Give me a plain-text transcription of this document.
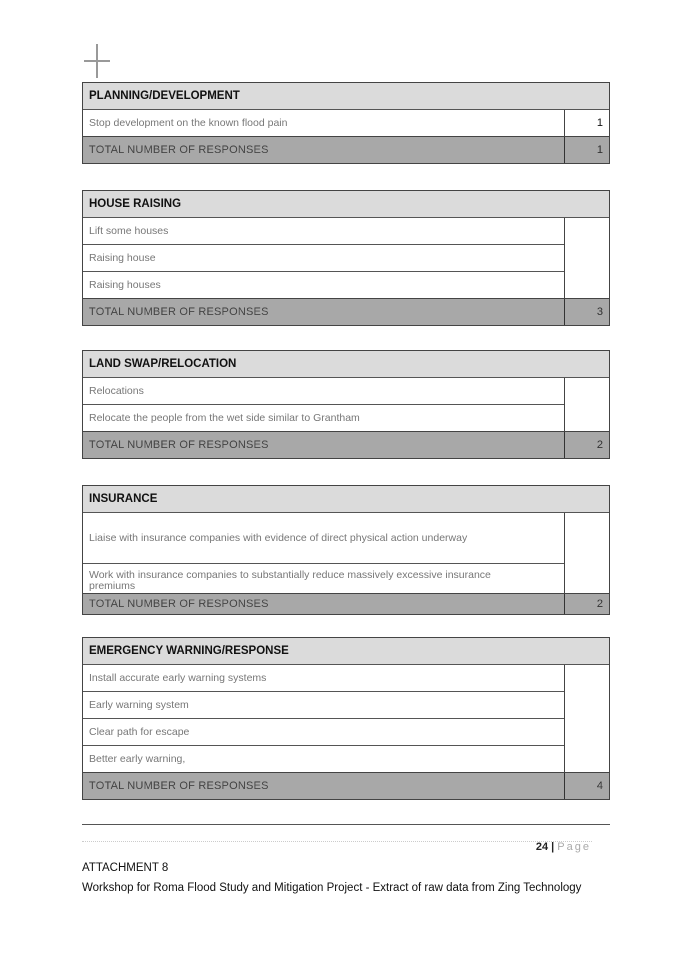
PLANNING/DEVELOPMENT
Stop development on the known flood pain	1
TOTAL NUMBER OF RESPONSES	1
HOUSE RAISING
Lift some houses
Raising house
Raising houses
TOTAL NUMBER OF RESPONSES	3
LAND SWAP/RELOCATION
Relocations
Relocate the people from the wet side similar to Grantham
TOTAL NUMBER OF RESPONSES	2
INSURANCE
Liaise with insurance companies with evidence of direct physical action underway
Work with insurance companies to substantially reduce massively excessive insurance premiums
TOTAL NUMBER OF RESPONSES	2
EMERGENCY WARNING/RESPONSE
Install accurate early warning systems
Early warning system
Clear path for escape
Better early warning,
TOTAL NUMBER OF RESPONSES	4
24 | Page
ATTACHMENT 8
Workshop for Roma Flood Study and Mitigation Project - Extract of raw data from Zing Technology
